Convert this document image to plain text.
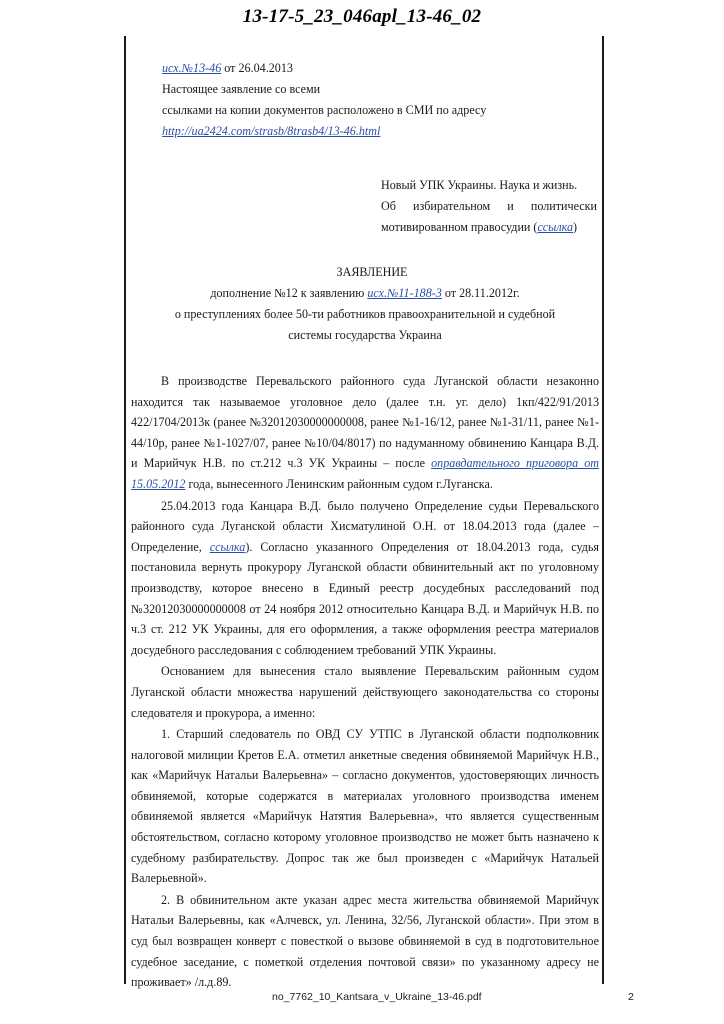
13-17-5_23_046apl_13-46_02

исх.№13-46 от 26.04.2013

Настоящее заявление со всеми

ссылками на копии документов расположено в СМИ по адресу

http://ua2424.com/strasb/8trasb4/13-46.html

Новый УПК Украины. Наука и жизнь.
Об избирательном и политически
мотивированном правосудии (ссылка)
ЗАЯВЛЕНИЕ
дополнение №12 к заявлению исх.№11-188-3 от 28.11.2012г.
о преступлениях более 50-ти работников правоохранительной и судебной
системы государства Украина

В производстве Перевальского районного суда Луганской области незаконно находится так называемое уголовное дело (далее т.н. уг. дело) 1кп/422/91/2013 422/1704/2013к (ранее №32012030000000008, ранее №1-16/12, ранее №1-31/11, ранее №1-44/10р, ранее №1-1027/07, ранее №10/04/8017) по надуманному обвинению Канцара В.Д. и Марийчук Н.В. по ст.212 ч.3 УК Украины – после оправдательного приговора от 15.05.2012 года, вынесенного Ленинским районным судом г.Луганска.

25.04.2013 года Канцара В.Д. было получено Определение судьи Перевальского районного суда Луганской области Хисматулиной О.Н. от 18.04.2013 года (далее – Определение, ссылка). Согласно указанного Определения от 18.04.2013 года, судья постановила вернуть прокурору Луганской области обвинительный акт по уголовному производству, которое внесено в Единый реестр досудебных расследований под №32012030000000008 от 24 ноября 2012 относительно Канцара В.Д. и Марийчук Н.В. по ч.3 ст. 212 УК Украины, для его оформления, а также оформления реестра материалов досудебного расследования с соблюдением требований УПК Украины.

Основанием для вынесения стало выявление Перевальским районным судом Луганской области множества нарушений действующего законодательства со стороны следователя и прокурора, а именно:

1. Старший следователь по ОВД СУ УТПС в Луганской области подполковник налоговой милиции Кретов Е.А. отметил анкетные сведения обвиняемой Марийчук Н.В., как «Марийчук Натальи Валерьевна» – согласно документов, удостоверяющих личность обвиняемой, которые содержатся в материалах уголовного производства именем обвиняемой является «Марийчук Натятия Валерьевна», что является существенным обстоятельством, согласно которому уголовное производство не может быть назначено к судебному разбирательству. Допрос так же был произведен с «Марийчук Натальей Валерьевной».

2. В обвинительном акте указан адрес места жительства обвиняемой Марийчук Натальи Валерьевны, как «Алчевск, ул. Ленина, 32/56, Луганской области». При этом в суд был возвращен конверт с повесткой о вызове обвиняемой в суд в подготовительное судебное заседание, с пометкой отделения почтовой связи» по указанному адресу не проживает» /л.д.89.

no_7762_10_Kantsara_v_Ukraine_13-46.pdf	2
